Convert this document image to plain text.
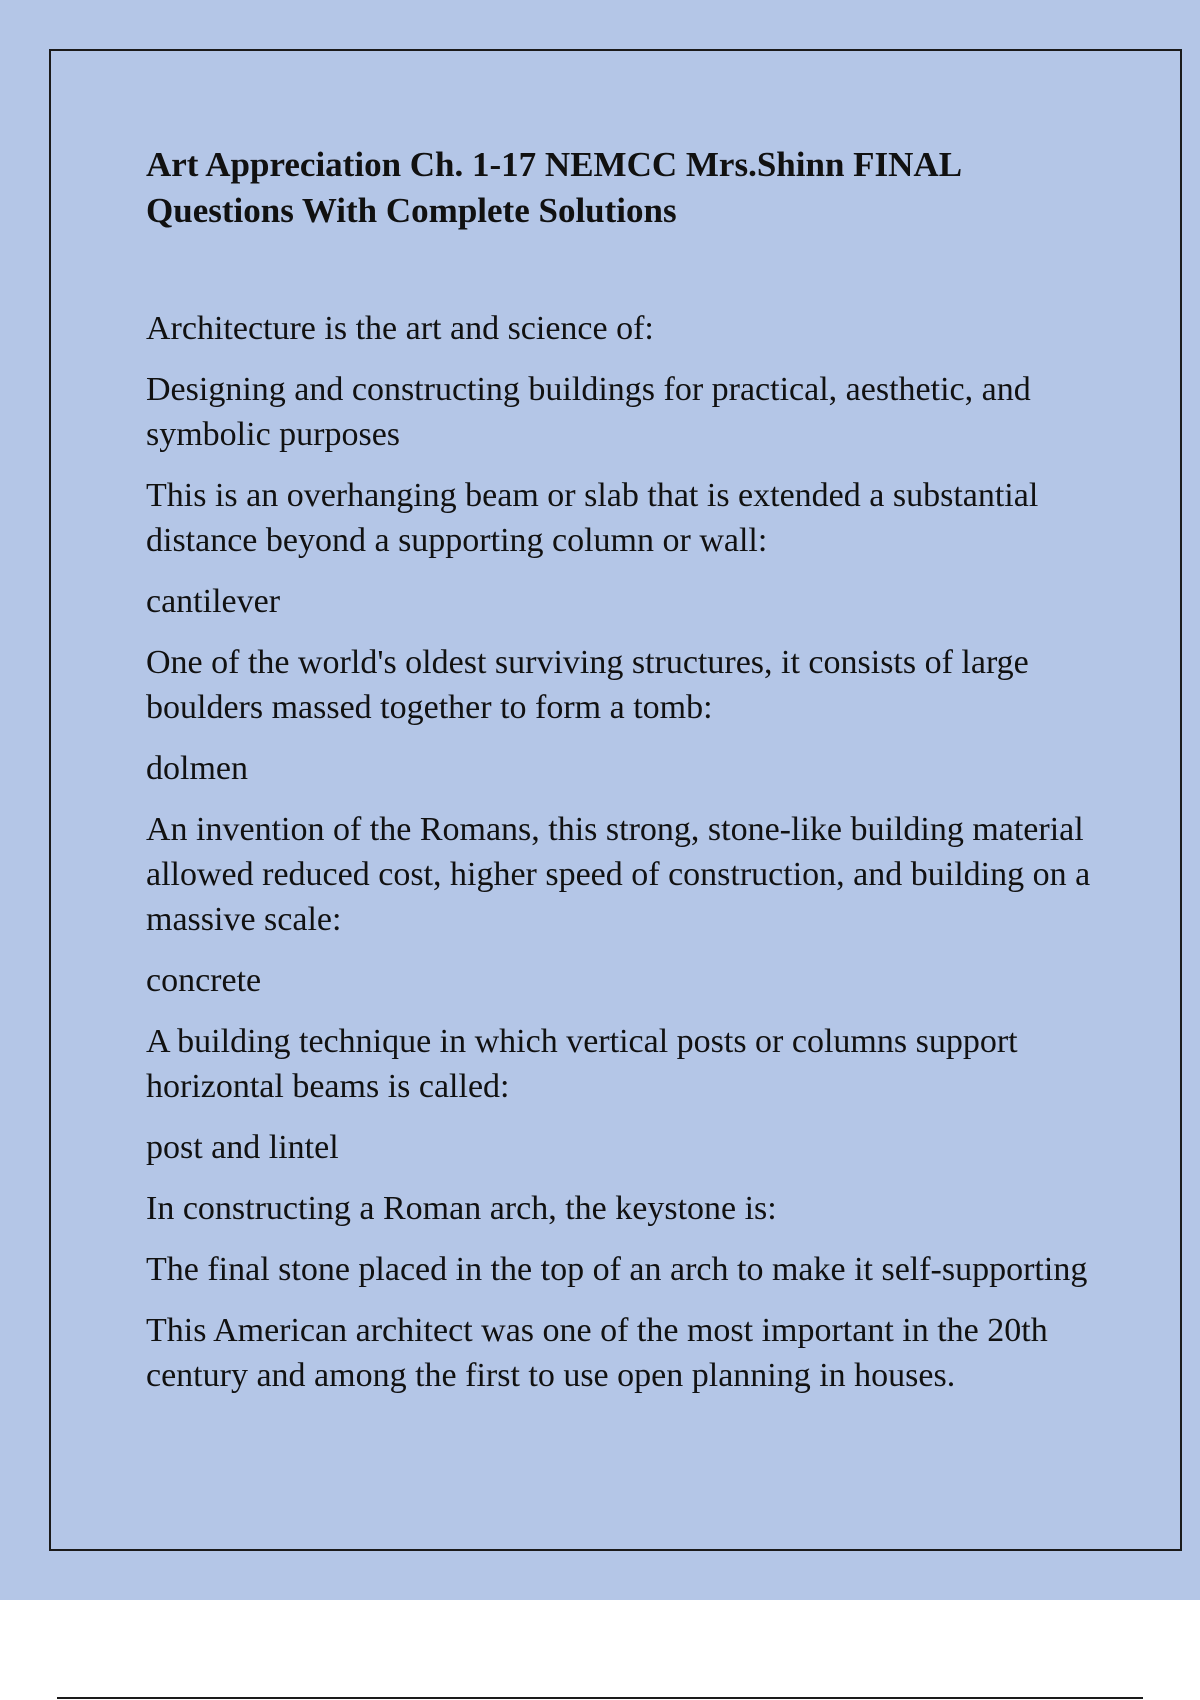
Art Appreciation Ch. 1-17 NEMCC Mrs.Shinn FINAL Questions With Complete Solutions

Architecture is the art and science of:

Designing and constructing buildings for practical, aesthetic, and symbolic purposes

This is an overhanging beam or slab that is extended a substantial distance beyond a supporting column or wall:

cantilever

One of the world's oldest surviving structures, it consists of large boulders massed together to form a tomb:

dolmen

An invention of the Romans, this strong, stone-like building material allowed reduced cost, higher speed of construction, and building on a massive scale:

concrete

A building technique in which vertical posts or columns support horizontal beams is called:

post and lintel

In constructing a Roman arch, the keystone is:

The final stone placed in the top of an arch to make it self-supporting

This American architect was one of the most important in the 20th century and among the first to use open planning in houses.
